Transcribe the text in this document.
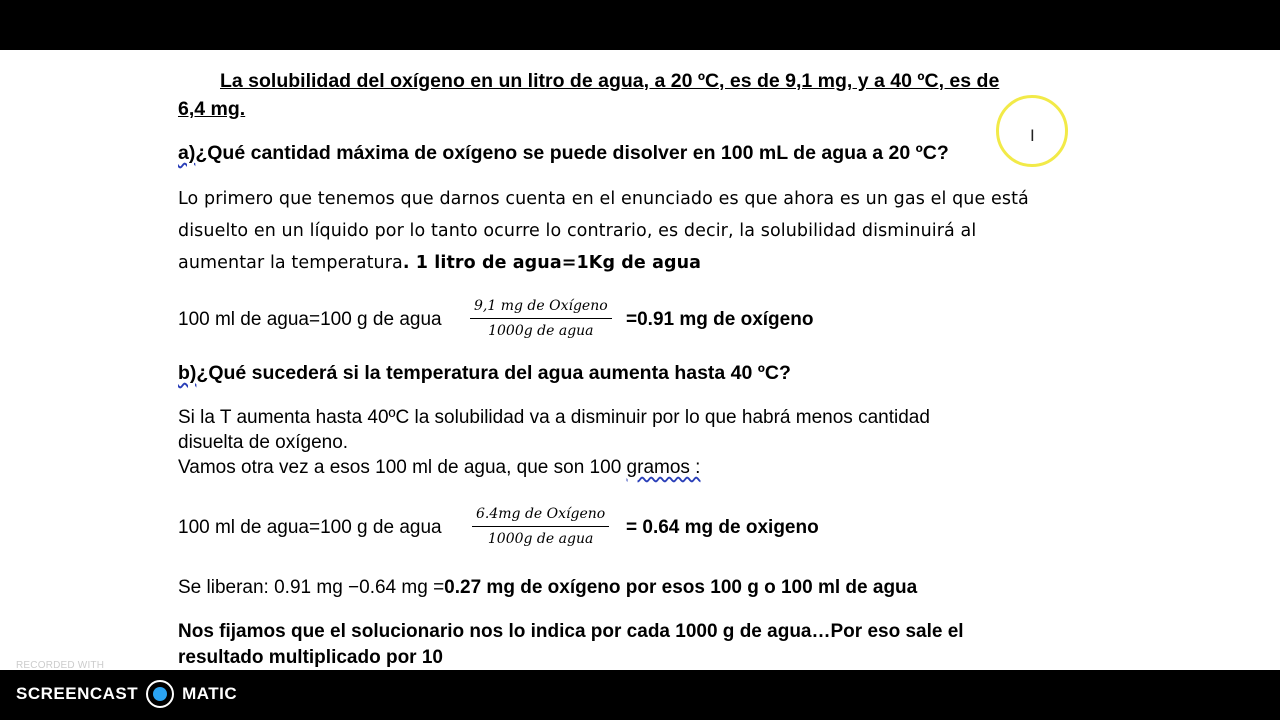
La solubilidad del oxígeno en un litro de agua, a 20 ºC, es de 9,1 mg, y a 40 ºC, es de
6,4 mg.
a)¿Qué cantidad máxima de oxígeno se puede disolver en 100 mL de agua a 20 ºC?
Lo primero que tenemos que darnos cuenta en el enunciado es que ahora es un gas el que está
disuelto en un líquido por lo tanto ocurre lo contrario, es decir, la solubilidad disminuirá al
aumentar la temperatura. 1 litro de agua=1Kg de agua
100 ml de agua=100 g de agua
9,1 mg de Oxígeno
1000g de agua
=0.91 mg de oxígeno
b)¿Qué sucederá si la temperatura del agua aumenta hasta 40 ºC?
Si la T aumenta hasta 40ºC la solubilidad va a disminuir por lo que habrá menos cantidad
disuelta de oxígeno.
Vamos otra vez a esos 100 ml de agua, que son 100 gramos :
100 ml de agua=100 g de agua
6.4mg de Oxígeno
1000g de agua
= 0.64 mg de oxigeno
Se liberan: 0.91 mg −0.64 mg =0.27 mg de oxígeno por esos 100 g o 100 ml de agua
Nos fijamos que el solucionario nos lo indica por cada 1000 g de agua…Por eso sale el
resultado multiplicado por 10
Ι
RECORDED WITH
SCREENCAST	MATIC
